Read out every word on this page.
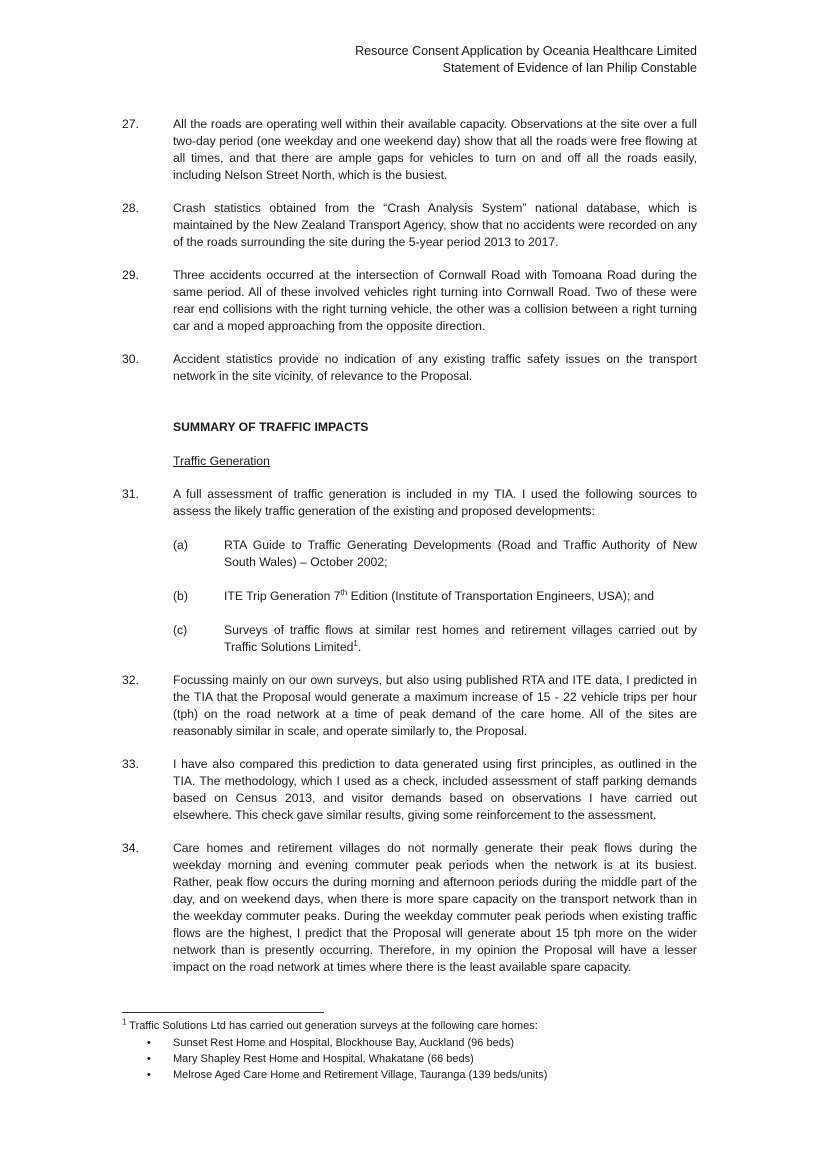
Resource Consent Application by Oceania Healthcare Limited
Statement of Evidence of Ian Philip Constable
27.	All the roads are operating well within their available capacity. Observations at the site over a full two-day period (one weekday and one weekend day) show that all the roads were free flowing at all times, and that there are ample gaps for vehicles to turn on and off all the roads easily, including Nelson Street North, which is the busiest.
28.	Crash statistics obtained from the “Crash Analysis System” national database, which is maintained by the New Zealand Transport Agency, show that no accidents were recorded on any of the roads surrounding the site during the 5-year period 2013 to 2017.
29.	Three accidents occurred at the intersection of Cornwall Road with Tomoana Road during the same period. All of these involved vehicles right turning into Cornwall Road. Two of these were rear end collisions with the right turning vehicle, the other was a collision between a right turning car and a moped approaching from the opposite direction.
30.	Accident statistics provide no indication of any existing traffic safety issues on the transport network in the site vicinity, of relevance to the Proposal.
SUMMARY OF TRAFFIC IMPACTS
Traffic Generation
31.	A full assessment of traffic generation is included in my TIA. I used the following sources to assess the likely traffic generation of the existing and proposed developments:
(a)	RTA Guide to Traffic Generating Developments (Road and Traffic Authority of New South Wales) – October 2002;
(b)	ITE Trip Generation 7th Edition (Institute of Transportation Engineers, USA); and
(c)	Surveys of traffic flows at similar rest homes and retirement villages carried out by Traffic Solutions Limited$^1$.
32.	Focussing mainly on our own surveys, but also using published RTA and ITE data, I predicted in the TIA that the Proposal would generate a maximum increase of 15 - 22 vehicle trips per hour (tph) on the road network at a time of peak demand of the care home. All of the sites are reasonably similar in scale, and operate similarly to, the Proposal.
33.	I have also compared this prediction to data generated using first principles, as outlined in the TIA. The methodology, which I used as a check, included assessment of staff parking demands based on Census 2013, and visitor demands based on observations I have carried out elsewhere. This check gave similar results, giving some reinforcement to the assessment.
34.	Care homes and retirement villages do not normally generate their peak flows during the weekday morning and evening commuter peak periods when the network is at its busiest. Rather, peak flow occurs the during morning and afternoon periods during the middle part of the day, and on weekend days, when there is more spare capacity on the transport network than in the weekday commuter peaks. During the weekday commuter peak periods when existing traffic flows are the highest, I predict that the Proposal will generate about 15 tph more on the wider network than is presently occurring. Therefore, in my opinion the Proposal will have a lesser impact on the road network at times where there is the least available spare capacity.
$^1$ Traffic Solutions Ltd has carried out generation surveys at the following care homes:
• Sunset Rest Home and Hospital, Blockhouse Bay, Auckland (96 beds)
• Mary Shapley Rest Home and Hospital, Whakatane (66 beds)
• Melrose Aged Care Home and Retirement Village, Tauranga (139 beds/units)
